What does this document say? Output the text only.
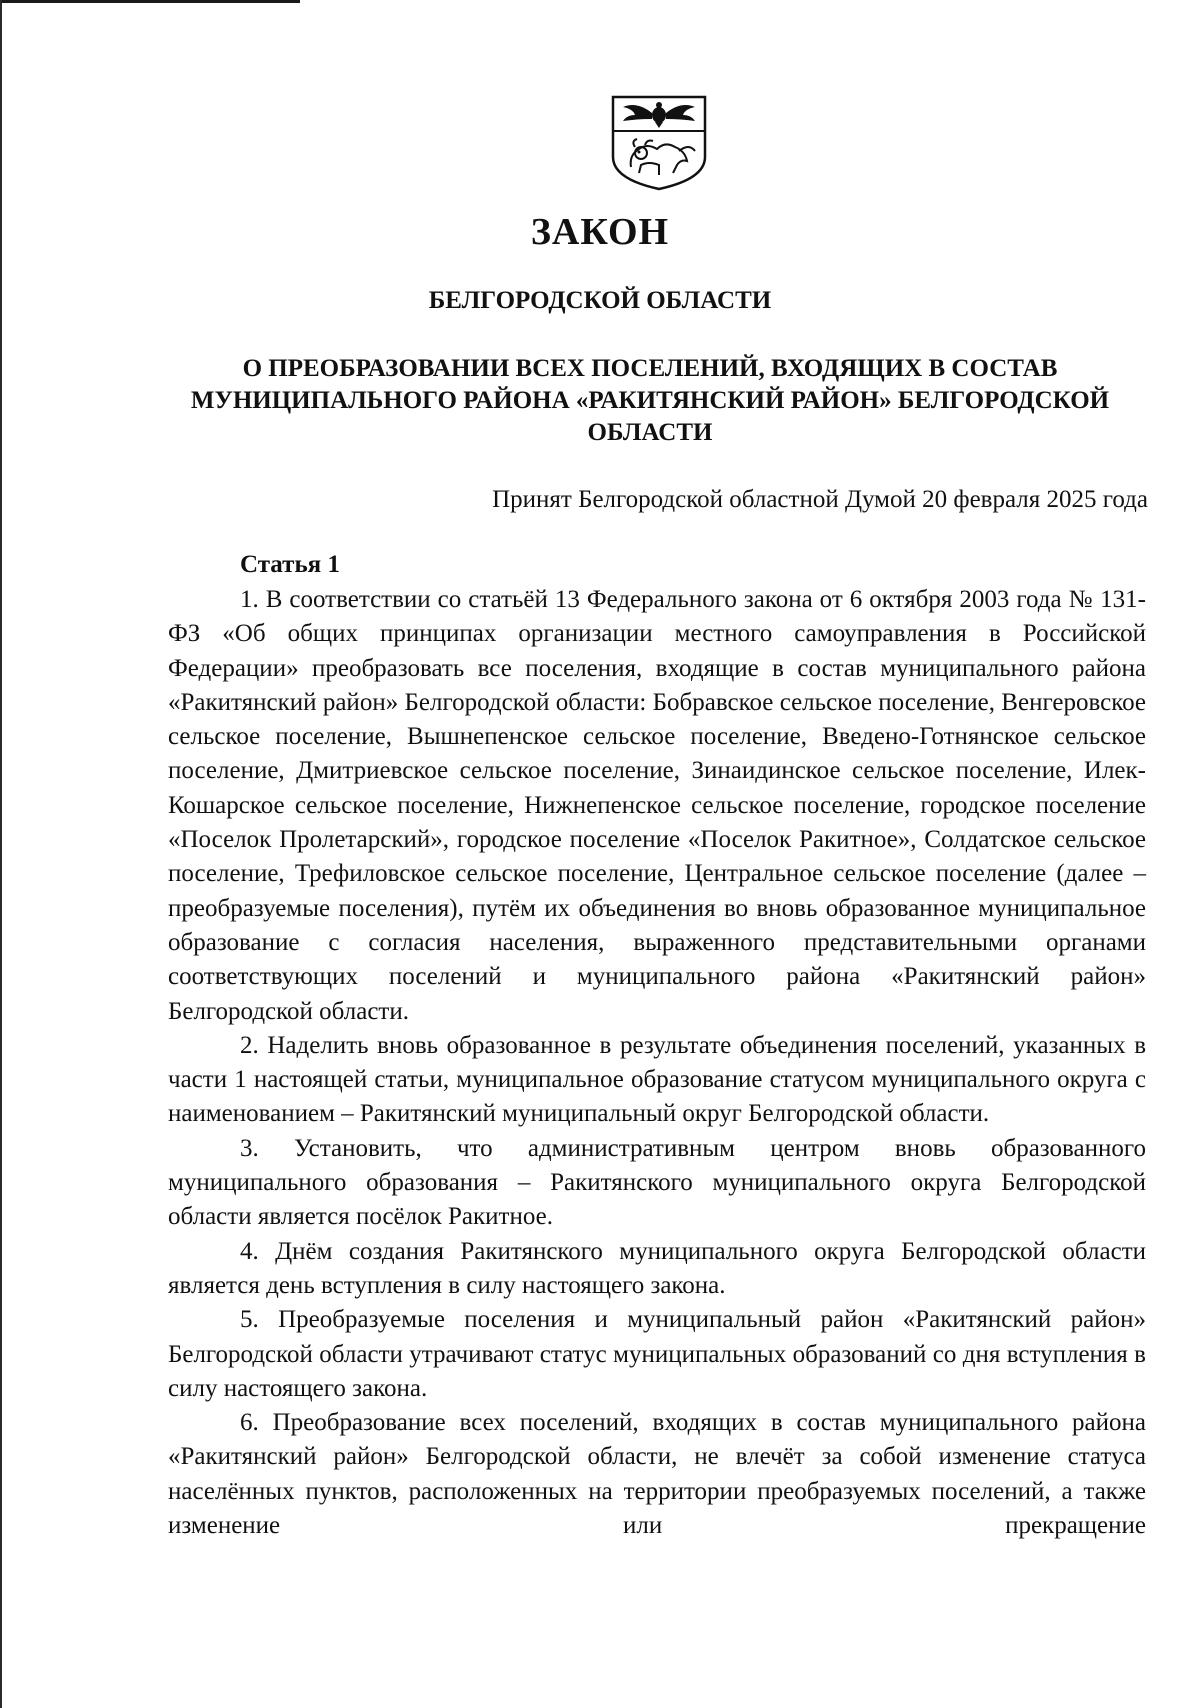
ЗАКОН
БЕЛГОРОДСКОЙ ОБЛАСТИ
О ПРЕОБРАЗОВАНИИ ВСЕХ ПОСЕЛЕНИЙ, ВХОДЯЩИХ В СОСТАВ МУНИЦИПАЛЬНОГО РАЙОНА «РАКИТЯНСКИЙ РАЙОН» БЕЛГОРОДСКОЙ ОБЛАСТИ

Принят Белгородской областной Думой 20 февраля 2025 года

Статья 1

1. В соответствии со статьёй 13 Федерального закона от 6 октября 2003 года № 131-ФЗ «Об общих принципах организации местного самоуправления в Российской Федерации» преобразовать все поселения, входящие в состав муниципального района «Ракитянский район» Белгородской области: Бобравское сельское поселение, Венгеровское сельское поселение, Вышнепенское сельское поселение, Введено-Готнянское сельское поселение, Дмитриевское сельское поселение, Зинаидинское сельское поселение, Илек-Кошарское сельское поселение, Нижнепенское сельское поселение, городское поселение «Поселок Пролетарский», городское поселение «Поселок Ракитное», Солдатское сельское поселение, Трефиловское сельское поселение, Центральное сельское поселение (далее – преобразуемые поселения), путём их объединения во вновь образованное муниципальное образование с согласия населения, выраженного представительными органами соответствующих поселений и муниципального района «Ракитянский район» Белгородской области.

2. Наделить вновь образованное в результате объединения поселений, указанных в части 1 настоящей статьи, муниципальное образование статусом муниципального округа с наименованием – Ракитянский муниципальный округ Белгородской области.

3. Установить, что административным центром вновь образованного муниципального образования – Ракитянского муниципального округа Белгородской области является посёлок Ракитное.

4. Днём создания Ракитянского муниципального округа Белгородской области является день вступления в силу настоящего закона.

5. Преобразуемые поселения и муниципальный район «Ракитянский район» Белгородской области утрачивают статус муниципальных образований со дня вступления в силу настоящего закона.

6. Преобразование всех поселений, входящих в состав муниципального района «Ракитянский район» Белгородской области, не влечёт за собой изменение статуса населённых пунктов, расположенных на территории преобразуемых поселений, а также изменение или прекращение
